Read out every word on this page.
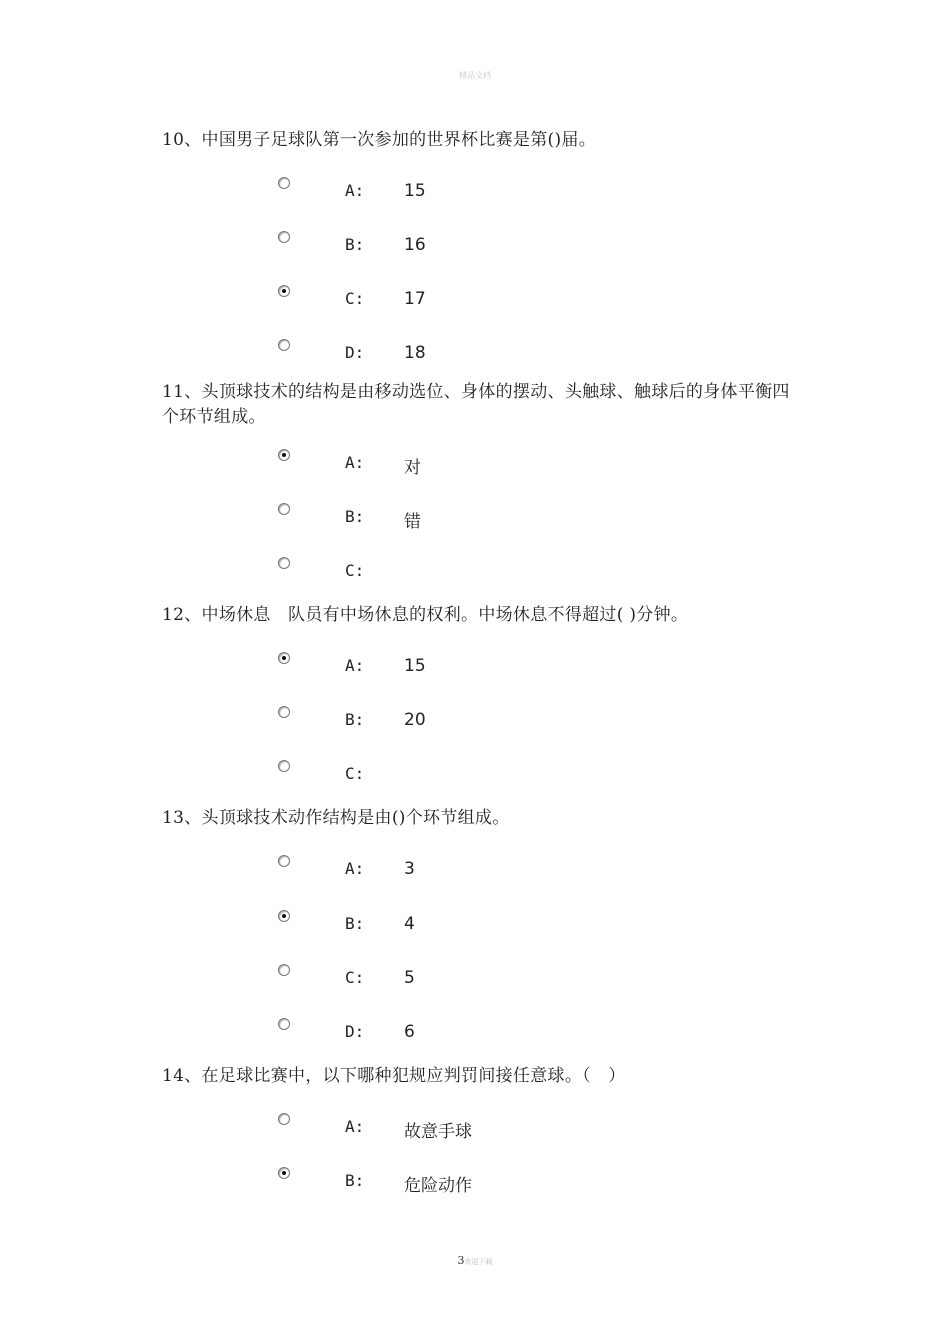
精品文档
10、中国男子足球队第一次参加的世界杯比赛是第()届。
A: 15
B: 16
C: 17
D: 18
11、头顶球技术的结构是由移动选位、身体的摆动、头触球、触球后的身体平衡四个环节组成。
A: 对
B: 错
C:
12、中场休息　队员有中场休息的权利。中场休息不得超过( )分钟。
A: 15
B: 20
C:
13、头顶球技术动作结构是由()个环节组成。
A: 3
B: 4
C: 5
D: 6
14、在足球比赛中，以下哪种犯规应判罚间接任意球。（　）
A: 故意手球
B: 危险动作
3欢迎下载
